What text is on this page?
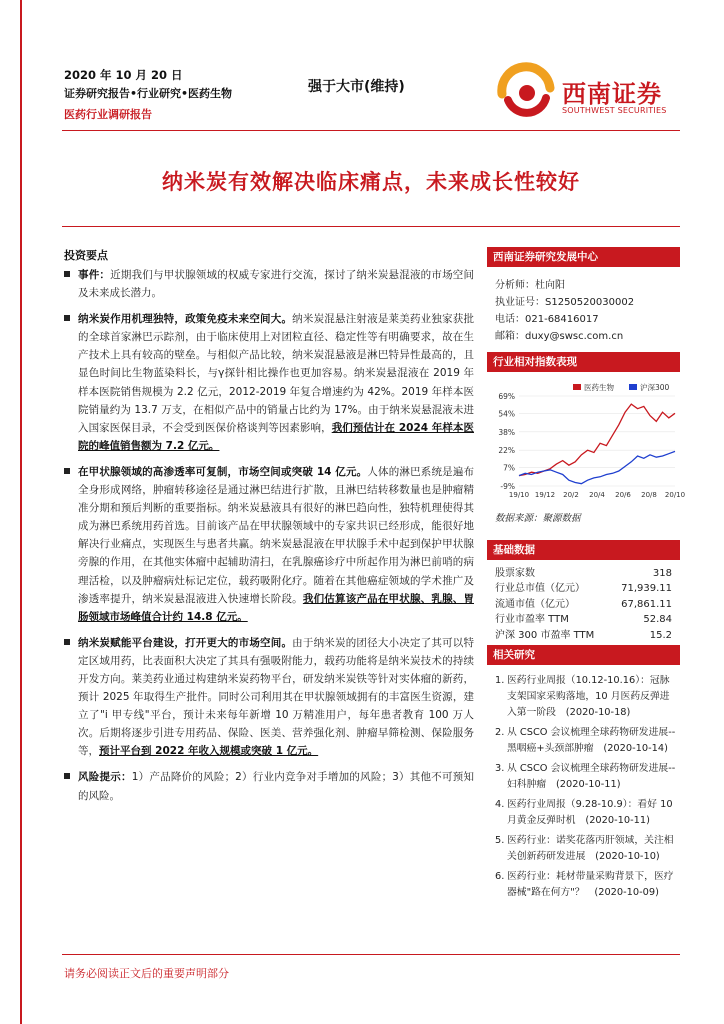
2020 年 10 月 20 日
证券研究报告•行业研究•医药生物
医药行业调研报告
强于大市(维持)	西南证券
SOUTHWEST SECURITIES
纳米炭有效解决临床痛点，未来成长性较好
投资要点
事件：近期我们与甲状腺领域的权威专家进行交流，探讨了纳米炭悬混液的市场空间及未来成长潜力。
纳米炭作用机理独特，政策免疫未来空间大。纳米炭混悬注射液是莱美药业独家获批的全球首家淋巴示踪剂，由于临床使用上对团粒直径、稳定性等有明确要求，故在生产技术上具有较高的壁垒。与相似产品比较，纳米炭混悬液是淋巴特异性最高的，且显色时间比生物蓝染料长，与γ探针相比操作也更加容易。纳米炭悬混液在 2019 年样本医院销售规模为 2.2 亿元，2012-2019 年复合增速约为 42%。2019 年样本医院销量约为 13.7 万支，在相似产品中的销量占比约为 17%。由于纳米炭悬混液未进入国家医保目录，不会受到医保价格谈判等因素影响，我们预估计在 2024 年样本医院的峰值销售额为 7.2 亿元。
在甲状腺领域的高渗透率可复制，市场空间或突破 14 亿元。人体的淋巴系统是遍布全身形成网络，肿瘤转移途径是通过淋巴结进行扩散，且淋巴结转移数量也是肿瘤精准分期和预后判断的重要指标。纳米炭悬液具有很好的淋巴趋向性，独特机理使得其成为淋巴系统用药首选。目前该产品在甲状腺领域中的专家共识已经形成，能很好地解决行业痛点，实现医生与患者共赢。纳米炭悬混液在甲状腺手术中起到保护甲状腺旁腺的作用，在其他实体瘤中起辅助清扫，在乳腺癌诊疗中所起作用为淋巴前哨的病理活检，以及肿瘤病灶标记定位，载药吸附化疗。随着在其他癌症领域的学术推广及渗透率提升，纳米炭悬混液进入快速增长阶段。我们估算该产品在甲状腺、乳腺、胃肠领域市场峰值合计约 14.8 亿元。
纳米炭赋能平台建设，打开更大的市场空间。由于纳米炭的团径大小决定了其可以特定区域用药，比表面积大决定了其具有强吸附能力，载药功能将是纳米炭技术的持续开发方向。莱美药业通过构建纳米炭药物平台，研发纳米炭铁等针对实体瘤的新药，预计 2025 年取得生产批件。同时公司利用其在甲状腺领域拥有的丰富医生资源，建立了"i 甲专线"平台，预计未来每年新增 10 万精准用户，每年患者教育 100 万人次。后期将逐步引进专用药品、保险、医美、营养强化剂、肿瘤早筛检测、保险服务等，预计平台到 2022 年收入规模或突破 1 亿元。
风险提示：1）产品降价的风险；2）行业内竞争对手增加的风险；3）其他不可预知的风险。
西南证券研究发展中心
分析师：杜向阳
执业证号：S1250520030002
电话：021-68416017
邮箱：duxy@swsc.com.cn
行业相对指数表现
69%
54%
38%
22%
7%
-9%
19/10 19/12 20/2 20/4 20/6 20/8 20/10
医药生物	沪深300
数据来源：聚源数据
基础数据
股票家数	318
行业总市值（亿元）	71,939.11
流通市值（亿元）	67,861.11
行业市盈率 TTM	52.84
沪深 300 市盈率 TTM	15.2
相关研究
1. 医药行业周报（10.12-10.16）：冠脉支架国家采购落地，10 月医药反弹进入第一阶段　(2020-10-18)
2. 从 CSCO 会议梳理全球药物研发进展--黑咽癌+头颈部肿瘤　(2020-10-14)
3. 从 CSCO 会议梳理全球药物研发进展--妇科肿瘤　(2020-10-11)
4. 医药行业周报（9.28-10.9）：看好 10 月黄金反弹时机　(2020-10-11)
5. 医药行业：诺奖花落丙肝领域，关注相关创新药研发进展　(2020-10-10)
6. 医药行业：耗材带量采购背景下，医疗器械"路在何方"？　(2020-10-09)
请务必阅读正文后的重要声明部分
